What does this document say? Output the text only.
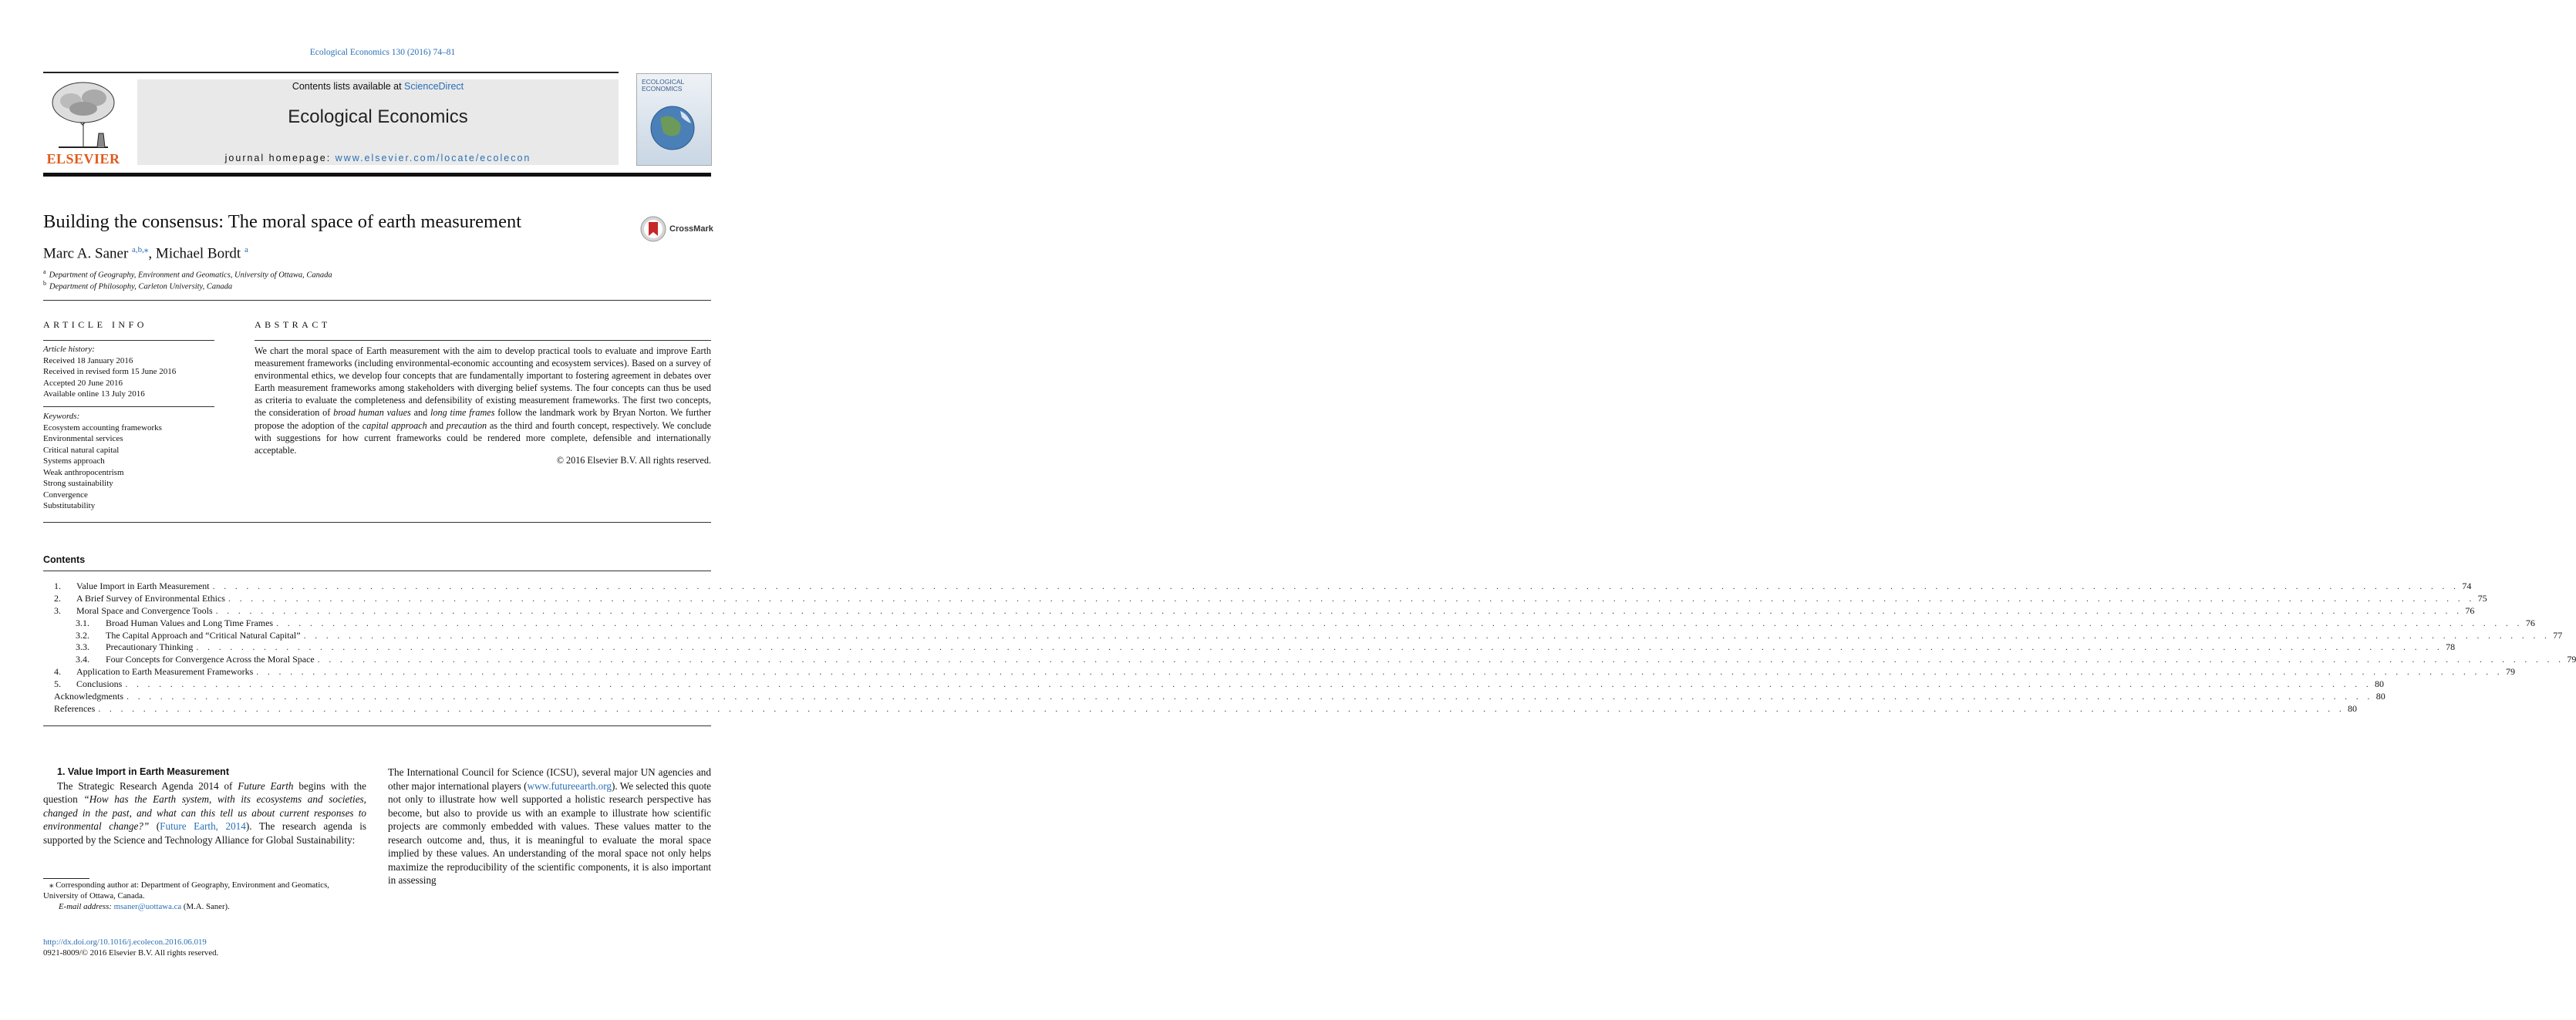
Ecological Economics 130 (2016) 74–81
ELSEVIER
Contents lists available at ScienceDirect
Ecological Economics
journal homepage: www.elsevier.com/locate/ecolecon
ECOLOGICAL ECONOMICS
Building the consensus: The moral space of earth measurement	CrossMark
Marc A. Saner $^{a,b,⁎}$, Michael Bordt $^a$
$^a$ Department of Geography, Environment and Geomatics, University of Ottawa, Canada
$^b$ Department of Philosophy, Carleton University, Canada
ARTICLE INFO
Article history:
Received 18 January 2016
Received in revised form 15 June 2016
Accepted 20 June 2016
Available online 13 July 2016
Keywords:
Ecosystem accounting frameworks
Environmental services
Critical natural capital
Systems approach
Weak anthropocentrism
Strong sustainability
Convergence
Substitutability
ABSTRACT

We chart the moral space of Earth measurement with the aim to develop practical tools to evaluate and improve Earth measurement frameworks (including environmental-economic accounting and ecosystem services). Based on a survey of environmental ethics, we develop four concepts that are fundamentally important to fostering agreement in debates over Earth measurement frameworks among stakeholders with diverging belief systems. The four concepts can thus be used as criteria to evaluate the completeness and defensibility of existing measurement frameworks. The first two concepts, the consideration of broad human values and long time frames follow the landmark work by Bryan Norton. We further propose the adoption of the capital approach and precaution as the third and fourth concept, respectively. We conclude with suggestions for how current frameworks could be rendered more complete, defensible and internationally acceptable.

© 2016 Elsevier B.V. All rights reserved.
Contents
1.	Value Import in Earth Measurement . . . . . . . . . . . . . . . . . . . . . . . . . . . . . . . . . . . . . . . . . . . . . . . . . . . . . . . . . . . . . . . . . . . . . . . . . . . . . . . . . . . . . . . . . . . . . . . . . . . . . . . . . . . . . . . . . . . . . . . . . . . . . . . . . . . . . . . . . . . . . . . . . . . . . . . . . . . . . . . . . . . . . . . . . . . . . . . . . . . . . . . . . . . . . . . . . . . . . . . . 74
2.	A Brief Survey of Environmental Ethics . . . . . . . . . . . . . . . . . . . . . . . . . . . . . . . . . . . . . . . . . . . . . . . . . . . . . . . . . . . . . . . . . . . . . . . . . . . . . . . . . . . . . . . . . . . . . . . . . . . . . . . . . . . . . . . . . . . . . . . . . . . . . . . . . . . . . . . . . . . . . . . . . . . . . . . . . . . . . . . . . . . . . . . . . . . . . . . . . . . . . . . . . . . . . . . . . . . . . . . . 75
3.	Moral Space and Convergence Tools . . . . . . . . . . . . . . . . . . . . . . . . . . . . . . . . . . . . . . . . . . . . . . . . . . . . . . . . . . . . . . . . . . . . . . . . . . . . . . . . . . . . . . . . . . . . . . . . . . . . . . . . . . . . . . . . . . . . . . . . . . . . . . . . . . . . . . . . . . . . . . . . . . . . . . . . . . . . . . . . . . . . . . . . . . . . . . . . . . . . . . . . . . . . . . . . . . . . . . . . 76
3.1.	Broad Human Values and Long Time Frames . . . . . . . . . . . . . . . . . . . . . . . . . . . . . . . . . . . . . . . . . . . . . . . . . . . . . . . . . . . . . . . . . . . . . . . . . . . . . . . . . . . . . . . . . . . . . . . . . . . . . . . . . . . . . . . . . . . . . . . . . . . . . . . . . . . . . . . . . . . . . . . . . . . . . . . . . . . . . . . . . . . . . . . . . . . . . . . . . . . . . . . . . . . . . . . . . . . . . . . . 76
3.2.	The Capital Approach and “Critical Natural Capital” . . . . . . . . . . . . . . . . . . . . . . . . . . . . . . . . . . . . . . . . . . . . . . . . . . . . . . . . . . . . . . . . . . . . . . . . . . . . . . . . . . . . . . . . . . . . . . . . . . . . . . . . . . . . . . . . . . . . . . . . . . . . . . . . . . . . . . . . . . . . . . . . . . . . . . . . . . . . . . . . . . . . . . . . . . . . . . . . . . . . . . . . . . . . . . . . . . . . . . . . 77
3.3.	Precautionary Thinking . . . . . . . . . . . . . . . . . . . . . . . . . . . . . . . . . . . . . . . . . . . . . . . . . . . . . . . . . . . . . . . . . . . . . . . . . . . . . . . . . . . . . . . . . . . . . . . . . . . . . . . . . . . . . . . . . . . . . . . . . . . . . . . . . . . . . . . . . . . . . . . . . . . . . . . . . . . . . . . . . . . . . . . . . . . . . . . . . . . . . . . . . . . . . . . . . . . . . . . . 78
3.4.	Four Concepts for Convergence Across the Moral Space . . . . . . . . . . . . . . . . . . . . . . . . . . . . . . . . . . . . . . . . . . . . . . . . . . . . . . . . . . . . . . . . . . . . . . . . . . . . . . . . . . . . . . . . . . . . . . . . . . . . . . . . . . . . . . . . . . . . . . . . . . . . . . . . . . . . . . . . . . . . . . . . . . . . . . . . . . . . . . . . . . . . . . . . . . . . . . . . . . . . . . . . . . . . . . . . . . . . . . . . 79
4.	Application to Earth Measurement Frameworks . . . . . . . . . . . . . . . . . . . . . . . . . . . . . . . . . . . . . . . . . . . . . . . . . . . . . . . . . . . . . . . . . . . . . . . . . . . . . . . . . . . . . . . . . . . . . . . . . . . . . . . . . . . . . . . . . . . . . . . . . . . . . . . . . . . . . . . . . . . . . . . . . . . . . . . . . . . . . . . . . . . . . . . . . . . . . . . . . . . . . . . . . . . . . . . . . . . . . . . . 79
5.	Conclusions . . . . . . . . . . . . . . . . . . . . . . . . . . . . . . . . . . . . . . . . . . . . . . . . . . . . . . . . . . . . . . . . . . . . . . . . . . . . . . . . . . . . . . . . . . . . . . . . . . . . . . . . . . . . . . . . . . . . . . . . . . . . . . . . . . . . . . . . . . . . . . . . . . . . . . . . . . . . . . . . . . . . . . . . . . . . . . . . . . . . . . . . . . . . . . . . . . . . . . . . 80
Acknowledgments . . . . . . . . . . . . . . . . . . . . . . . . . . . . . . . . . . . . . . . . . . . . . . . . . . . . . . . . . . . . . . . . . . . . . . . . . . . . . . . . . . . . . . . . . . . . . . . . . . . . . . . . . . . . . . . . . . . . . . . . . . . . . . . . . . . . . . . . . . . . . . . . . . . . . . . . . . . . . . . . . . . . . . . . . . . . . . . . . . . . . . . . . . . . . . . . . . . . . . . . 80
References . . . . . . . . . . . . . . . . . . . . . . . . . . . . . . . . . . . . . . . . . . . . . . . . . . . . . . . . . . . . . . . . . . . . . . . . . . . . . . . . . . . . . . . . . . . . . . . . . . . . . . . . . . . . . . . . . . . . . . . . . . . . . . . . . . . . . . . . . . . . . . . . . . . . . . . . . . . . . . . . . . . . . . . . . . . . . . . . . . . . . . . . . . . . . . . . . . . . . . . . 80

1. Value Import in Earth Measurement

The Strategic Research Agenda 2014 of Future Earth begins with the question “How has the Earth system, with its ecosystems and societies, changed in the past, and what can this tell us about current responses to environmental change?” (Future Earth, 2014). The research agenda is supported by the Science and Technology Alliance for Global Sustainability:

The International Council for Science (ICSU), several major UN agencies and other major international players (www.futureearth.org). We selected this quote not only to illustrate how well supported a holistic research perspective has become, but also to provide us with an example to illustrate how scientific projects are commonly embedded with values. These values matter to the research outcome and, thus, it is meaningful to evaluate the moral space implied by these values. An understanding of the moral space not only helps maximize the reproducibility of the scientific components, it is also important in assessing

⁎ Corresponding author at: Department of Geography, Environment and Geomatics, University of Ottawa, Canada.

E-mail address: msaner@uottawa.ca (M.A. Saner).

http://dx.doi.org/10.1016/j.ecolecon.2016.06.019
0921-8009/© 2016 Elsevier B.V. All rights reserved.
